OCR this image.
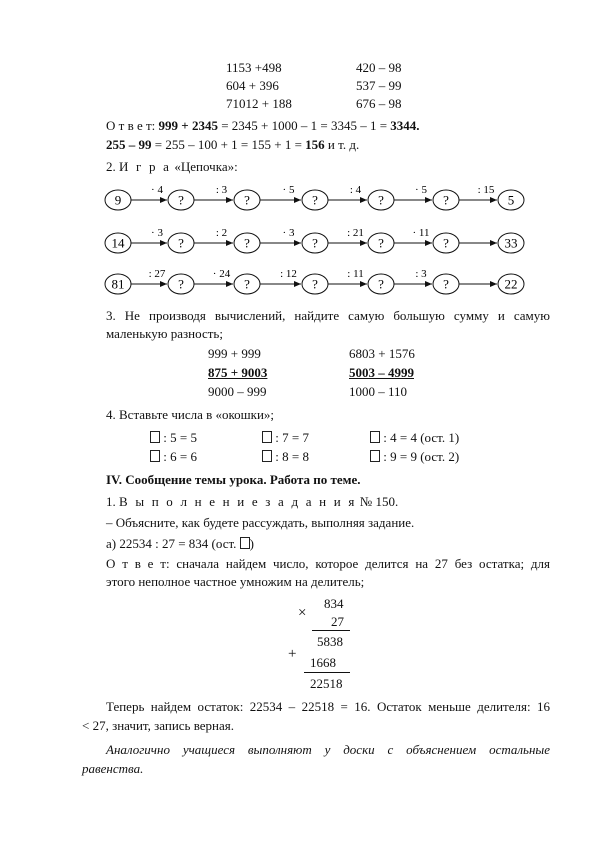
1153 +498	420 – 98
604 + 396	537 – 99
71012 + 188	676 – 98
О т в е т: 999 + 2345 = 2345 + 1000 – 1 = 3345 – 1 = 3344.
255 – 99 = 255 – 100 + 1 = 155 + 1 = 156 и т. д.
2. И г р а «Цепочка»:
9	?	?	?	?	?	5
· 4	: 3	· 5	: 4	· 5	: 15
14	?	?	?	?	?	33
· 3	: 2	· 3	: 21	· 11
81	?	?	?	?	?	22
: 27	· 24	: 12	: 11	: 3
3. Не производя вычислений, найдите самую большую сумму и самую
маленькую разность;
999 + 999	6803 + 1576
875 + 9003	5003 – 4999
9000 – 999	1000 – 110
4. Вставьте числа в «окошки»;
: 5 = 5	: 7 = 7	: 4 = 4 (ост. 1)
: 6 = 6	: 8 = 8	: 9 = 9 (ост. 2)
IV. Сообщение темы урока. Работа по теме.
1. В ы п о л н е н и е з а д а н и я № 150.
– Объясните, как будете рассуждать, выполняя задание.
а) 22534 : 27 = 834 (ост. )
О т в е т: сначала найдем число, которое делится на 27 без остатка; для
этого неполное частное умножим на делитель;
×
834
27
5838
+
1668
22518
Теперь найдем остаток: 22534 – 22518 = 16. Остаток меньше делителя: 16
< 27, значит, запись верная.
Аналогично учащиеся выполняют у доски с объяснением остальные
равенства.
